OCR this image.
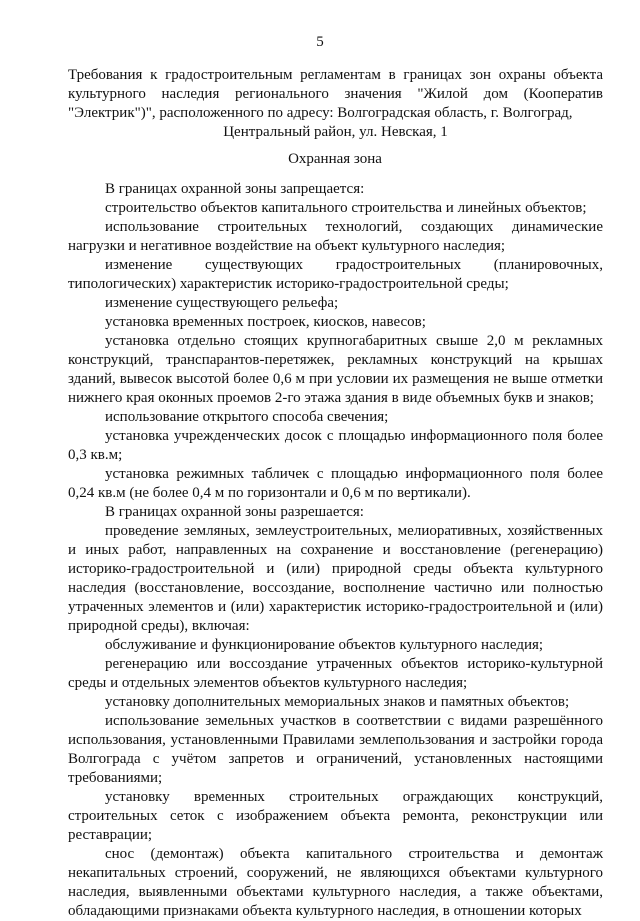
5
Требования к градостроительным регламентам в границах зон охраны объекта культурного наследия регионального значения "Жилой дом (Кооператив "Электрик")", расположенного по адресу: Волгоградская область, г. Волгоград,
Центральный район, ул. Невская, 1
Охранная зона

В границах охранной зоны запрещается:

строительство объектов капитального строительства и линейных объектов;

использование строительных технологий, создающих динамические нагрузки и негативное воздействие на объект культурного наследия;

изменение существующих градостроительных (планировочных, типологических) характеристик историко-градостроительной среды;

изменение существующего рельефа;

установка временных построек, киосков, навесов;

установка отдельно стоящих крупногабаритных свыше 2,0 м рекламных конструкций, транспарантов-перетяжек, рекламных конструкций на крышах зданий, вывесок высотой более 0,6 м при условии их размещения не выше отметки нижнего края оконных проемов 2-го этажа здания в виде объемных букв и знаков;

использование открытого способа свечения;

установка учрежденческих досок с площадью информационного поля более 0,3 кв.м;

установка режимных табличек с площадью информационного поля более 0,24 кв.м (не более 0,4 м по горизонтали и 0,6 м по вертикали).

В границах охранной зоны разрешается:

проведение земляных, землеустроительных, мелиоративных, хозяйственных и иных работ, направленных на сохранение и восстановление (регенерацию) историко-градостроительной и (или) природной среды объекта культурного наследия (восстановление, воссоздание, восполнение частично или полностью утраченных элементов и (или) характеристик историко-градостроительной и (или) природной среды), включая:

обслуживание и функционирование объектов культурного наследия;

регенерацию или воссоздание утраченных объектов историко-культурной среды и отдельных элементов объектов культурного наследия;

установку дополнительных мемориальных знаков и памятных объектов;

использование земельных участков в соответствии с видами разрешённого использования, установленными Правилами землепользования и застройки города Волгограда с учётом запретов и ограничений, установленных настоящими требованиями;

установку временных строительных ограждающих конструкций, строительных сеток с изображением объекта ремонта, реконструкции или реставрации;

снос (демонтаж) объекта капитального строительства и демонтаж некапитальных строений, сооружений, не являющихся объектами культурного наследия, выявленными объектами культурного наследия, а также объектами, обладающими признаками объекта культурного наследия, в отношении которых
